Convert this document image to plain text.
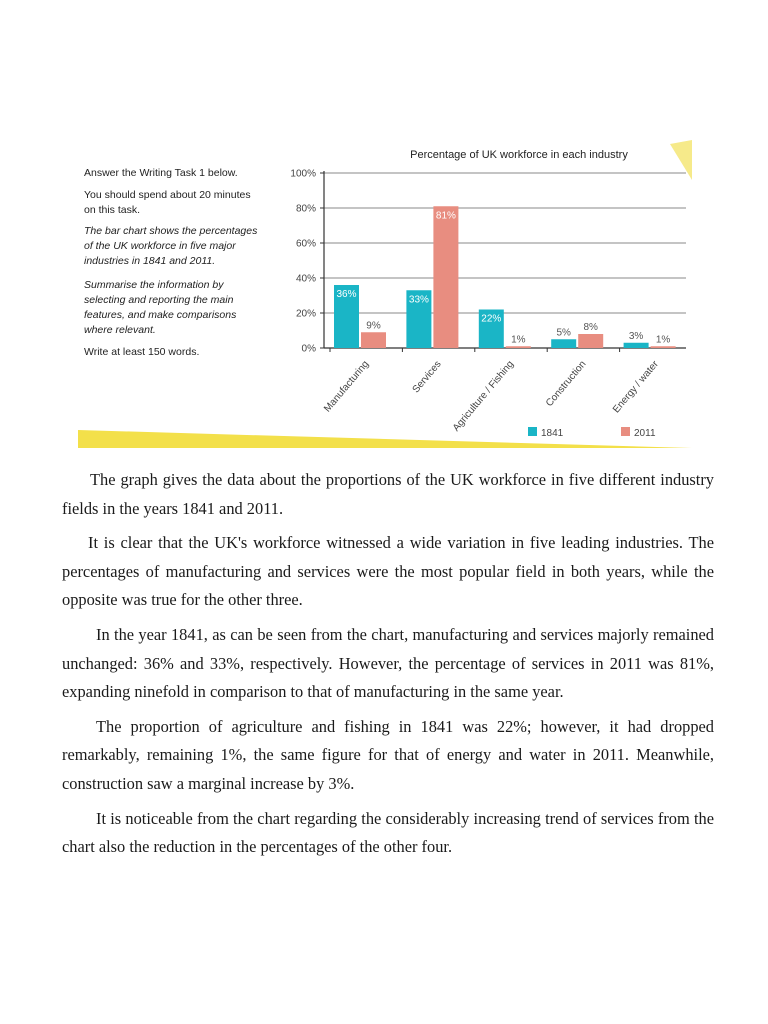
Answer the Writing Task 1 below.
You should spend about 20 minutes
on this task.
The bar chart shows the percentages
of the UK workforce in five major
industries in 1841 and 2011.
Summarise the information by
selecting and reporting the main
features, and make comparisons
where relevant.
Write at least 150 words.
Percentage of UK workforce in each industry
0%
20%
40%
60%
80%
100%
36%
9%
Manufacturing
33%
81%
Services
22%
1%
Agriculture / Fishing
5% 8%
Construction
3% 1%
Energy / water
1841	2011

The graph gives the data about the proportions of the UK workforce in five different industry fields in the years 1841 and 2011.

It is clear that the UK's workforce witnessed a wide variation in five leading industries. The percentages of manufacturing and services were the most popular field in both years, while the opposite was true for the other three.

In the year 1841, as can be seen from the chart, manufacturing and services majorly remained unchanged: 36% and 33%, respectively. However, the percentage of services in 2011 was 81%, expanding ninefold in comparison to that of manufacturing in the same year.

The proportion of agriculture and fishing in 1841 was 22%; however, it had dropped remarkably, remaining 1%, the same figure for that of energy and water in 2011. Meanwhile, construction saw a marginal increase by 3%.

It is noticeable from the chart regarding the considerably increasing trend of services from the chart also the reduction in the percentages of the other four.
